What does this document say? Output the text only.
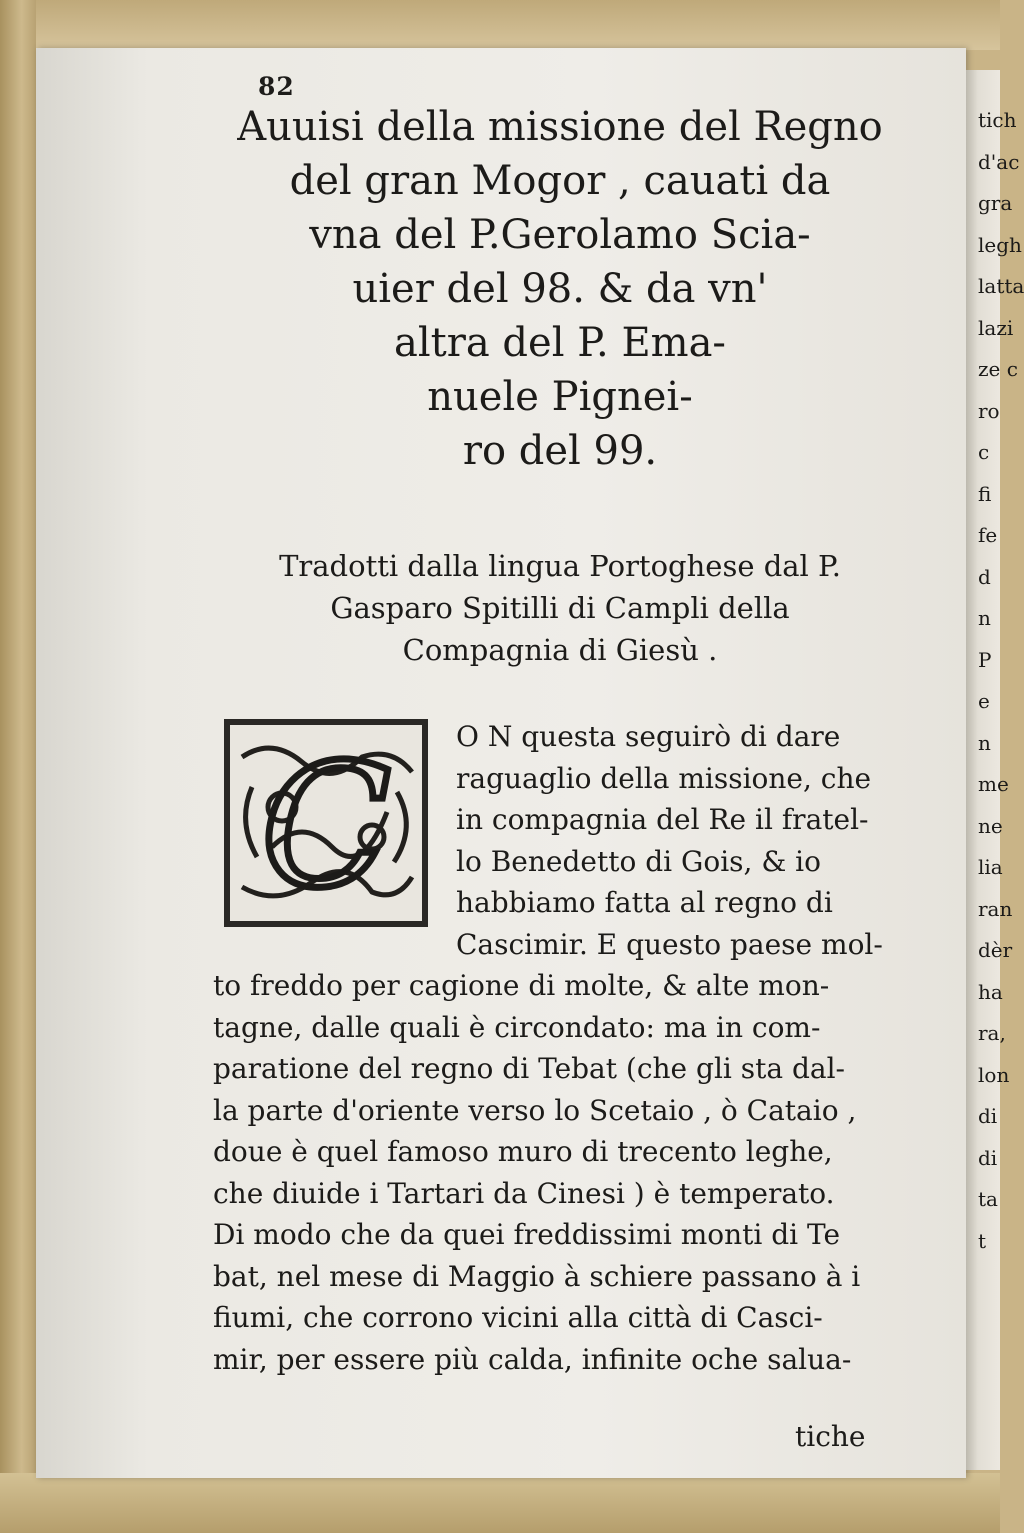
tich
d'ac
gra
legh
latta
lazi
ze c
ro
c
fi
fe
d
n
P
e
n
me
ne
lia
ran
dèr
ha
ra,
lon
di
di
ta
t
82
Auuisi della missione del Regno
del gran Mogor , cauati da
vna del P.Gerolamo Scia-
uier del 98. & da vn'
altra del P. Ema-
nuele Pignei-
ro del 99.
Tradotti dalla lingua Portoghese dal P.
Gasparo Spitilli di Campli della
Compagnia di Giesù .
C O N questa seguirò di dare
raguaglio della missione, che
in compagnia del Re il fratel-
lo Benedetto di Gois, & io
habbiamo fatta al regno di
Cascimir. E questo paese mol-
to freddo per cagione di molte, & alte mon-
tagne, dalle quali è circondato: ma in com-
paratione del regno di Tebat (che gli sta dal-
la parte d'oriente verso lo Scetaio , ò Cataio ,
doue è quel famoso muro di trecento leghe,
che diuide i Tartari da Cinesi ) è temperato.
Di modo che da quei freddissimi monti di Te
bat, nel mese di Maggio à schiere passano à i
fiumi, che corrono vicini alla città di Casci-
mir, per essere più calda, infinite oche salua-
tiche
